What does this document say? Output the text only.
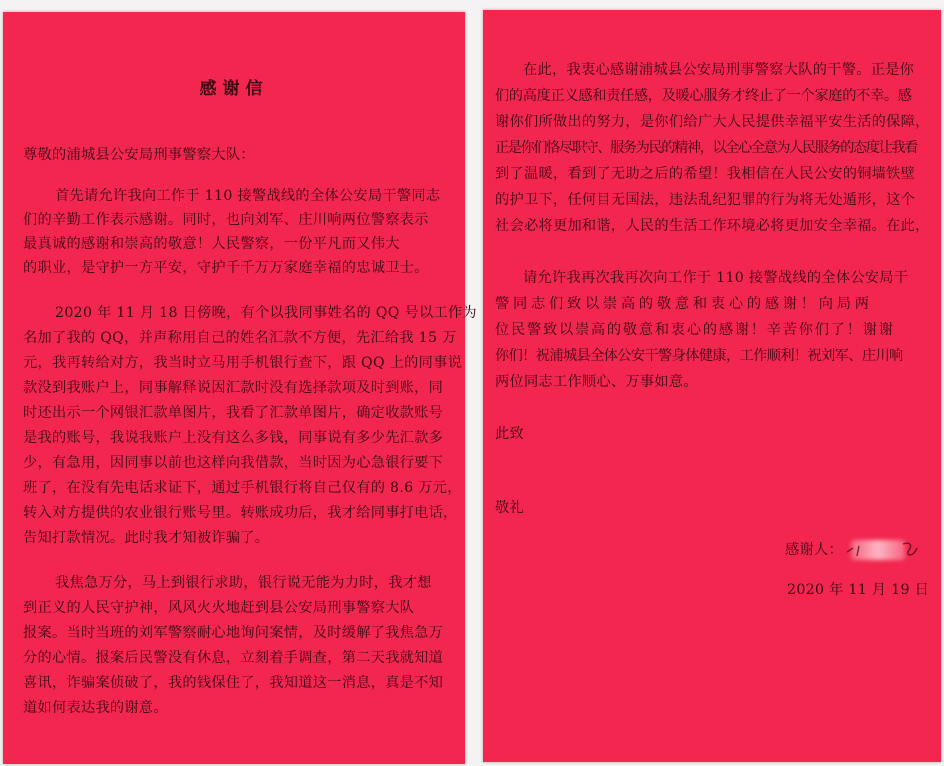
感谢信
尊敬的浦城县公安局刑事警察大队：
首先请允许我向工作于 110 接警战线的全体公安局干警同志
们的辛勤工作表示感谢。同时，也向刘军、庄川响两位警察表示
最真诚的感谢和崇高的敬意！人民警察，一份平凡而又伟大
的职业，是守护一方平安，守护千千万万家庭幸福的忠诚卫士。
2020 年 11 月 18 日傍晚，有个以我同事姓名的 QQ 号以工作为
名加了我的 QQ，并声称用自己的姓名汇款不方便，先汇给我 15 万
元，我再转给对方，我当时立马用手机银行查下，跟 QQ 上的同事说
款没到我账户上，同事解释说因汇款时没有选择款项及时到账，同
时还出示一个网银汇款单图片，我看了汇款单图片，确定收款账号
是我的账号，我说我账户上没有这么多钱，同事说有多少先汇款多
少，有急用，因同事以前也这样向我借款，当时因为心急银行要下
班了，在没有先电话求证下，通过手机银行将自己仅有的 8.6 万元，
转入对方提供的农业银行账号里。转账成功后，我才给同事打电话，
告知打款情况。此时我才知被诈骗了。
我焦急万分，马上到银行求助，银行说无能为力时，我才想
到正义的人民守护神，风风火火地赶到县公安局刑事警察大队
报案。当时当班的刘军警察耐心地询问案情，及时缓解了我焦急万
分的心情。报案后民警没有休息，立刻着手调查，第二天我就知道
喜讯，诈骗案侦破了，我的钱保住了，我知道这一消息，真是不知
道如何表达我的谢意。
在此，我衷心感谢浦城县公安局刑事警察大队的干警。正是你
们的高度正义感和责任感，及暖心服务才终止了一个家庭的不幸。感
谢你们所做出的努力，是你们给广大人民提供幸福平安生活的保障，
正是你们恪尽职守、服务为民的精神，以全心全意为人民服务的态度让我看
到了温暖，看到了无助之后的希望！我相信在人民公安的铜墙铁壁
的护卫下，任何目无国法，违法乱纪犯罪的行为将无处遁形，这个
社会必将更加和谐，人民的生活工作环境必将更加安全幸福。在此，
请允许我再次我再次向工作于 110 接警战线的全体公安局干
警同志们致以崇高的敬意和衷心的感谢！向局两
位民警致以崇高的敬意和衷心的感谢！辛苦你们了！谢谢
你们！祝浦城县全体公安干警身体健康，工作顺利！祝刘军、庄川响
两位同志工作顺心、万事如意。
此致
敬礼
感谢人：
2020 年 11 月 19 日
